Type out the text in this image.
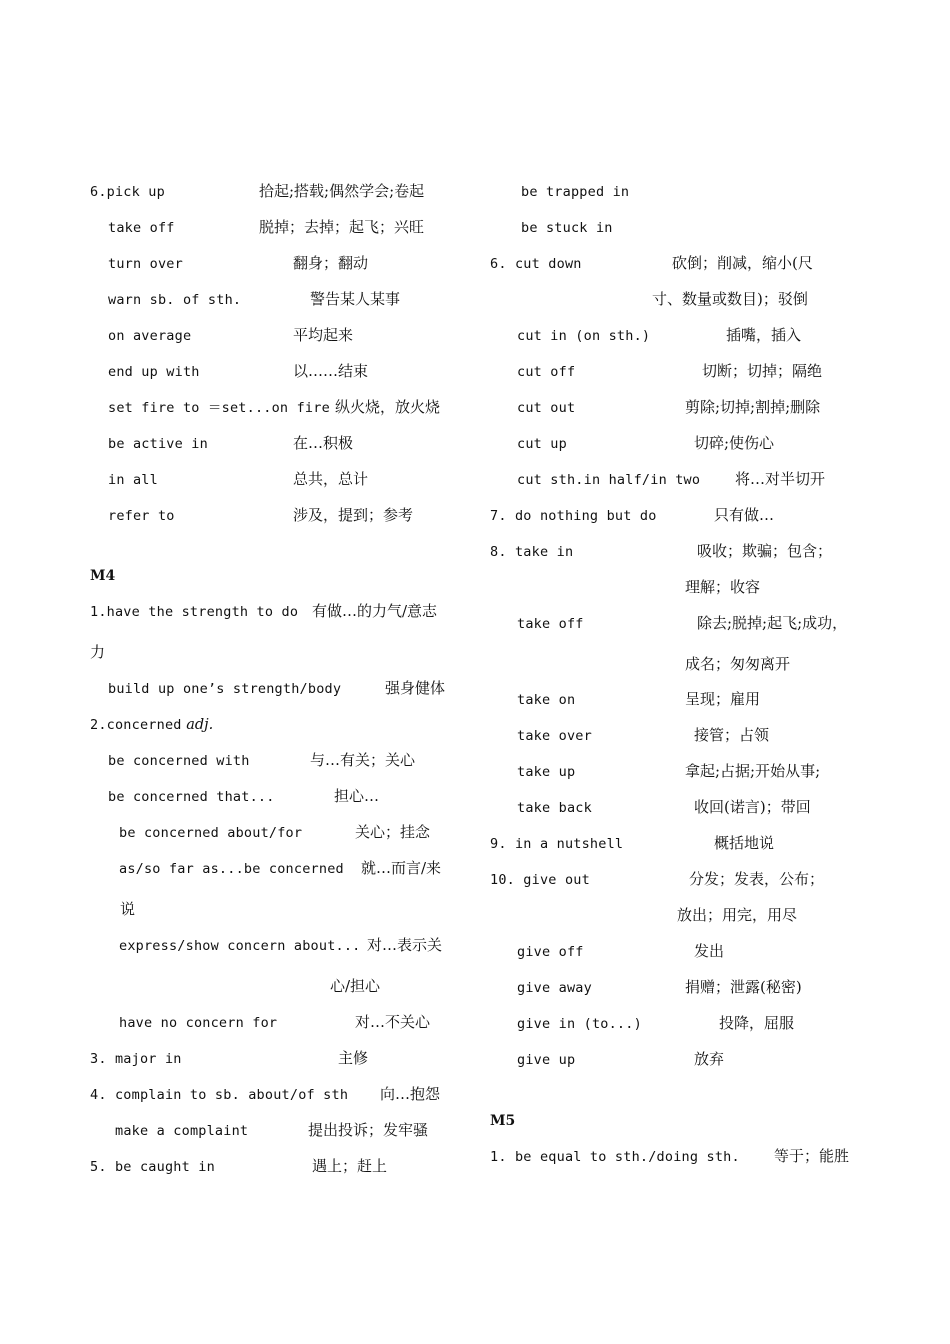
6.pick up	拾起;搭载;偶然学会;卷起
take off	脱掉；去掉；起飞；兴旺
turn over	翻身；翻动
warn sb. of sth.	警告某人某事
on average	平均起来
end up with	以……结束
set fire to ＝set...on fire 纵火烧，放火烧
be active in	在…积极
in all	总共，总计
refer to	涉及，提到；参考
M4
1.have the strength to do 有做…的力气/意志
力
build up one’s strength/body	强身健体
2.concerned adj.
be concerned with	与…有关；关心
be concerned that...	担心…
be concerned about/for	关心；挂念
as/so far as...be concerned 就…而言/来
说
express/show concern about... 对…表示关
心/担心
have no concern for	对…不关心
3. major in	主修
4. complain to sb. about/of sth 向…抱怨
make a complaint	提出投诉；发牢骚
5. be caught in	遇上；赶上
be trapped in
be stuck in
6. cut down	砍倒；削减，缩小(尺
寸、数量或数目)；驳倒
cut in (on sth.)	插嘴，插入
cut off	切断；切掉；隔绝
cut out	剪除;切掉;割掉;删除
cut up	切碎;使伤心
cut sth.in half/in two 将…对半切开
7. do nothing but do	只有做…
8. take in	吸收；欺骗；包含；
理解；收容
take off	除去;脱掉;起飞;成功，
成名；匆匆离开
take on	呈现；雇用
take over	接管；占领
take up	拿起;占据;开始从事;
take back	收回(诺言)；带回
9. in a nutshell	概括地说
10. give out	分发；发表，公布；
放出；用完，用尽
give off	发出
give away	捐赠；泄露(秘密)
give in (to...)	投降，屈服
give up	放弃
M5
1. be equal to sth./doing sth. 等于；能胜
